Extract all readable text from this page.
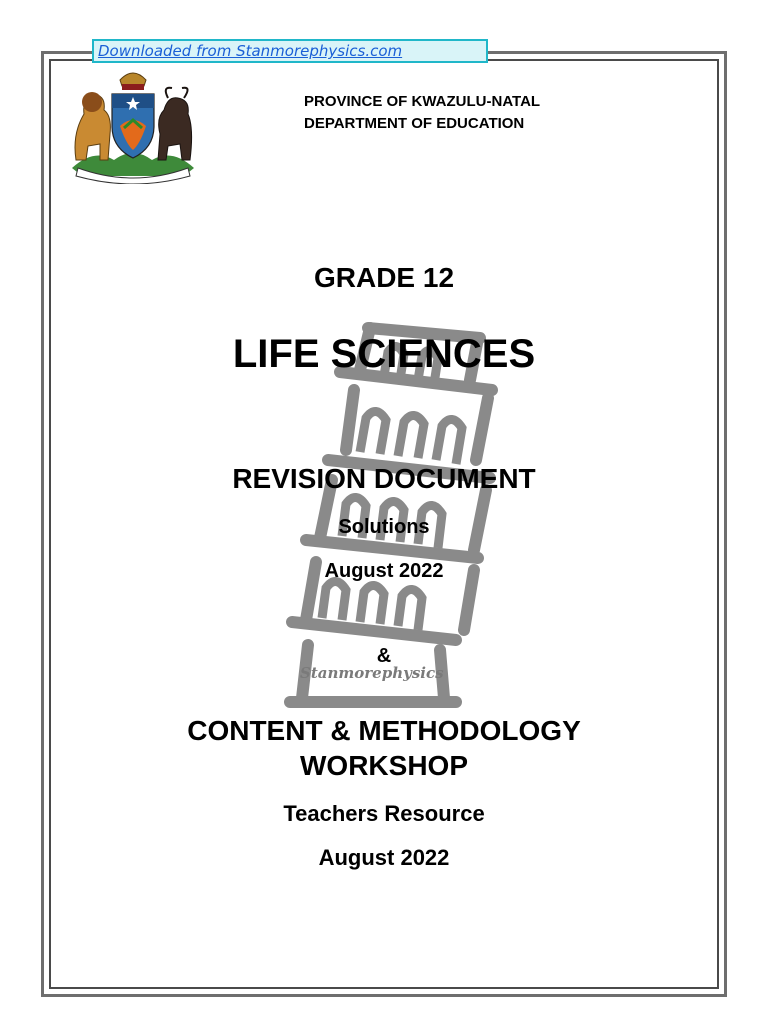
Downloaded from Stanmorephysics.com
PROVINCE OF KWAZULU-NATAL
DEPARTMENT OF EDUCATION
GRADE 12
LIFE SCIENCES
REVISION DOCUMENT
Solutions
August 2022
&
Stanmorephysics
CONTENT & METHODOLOGY
WORKSHOP
Teachers Resource
August 2022
